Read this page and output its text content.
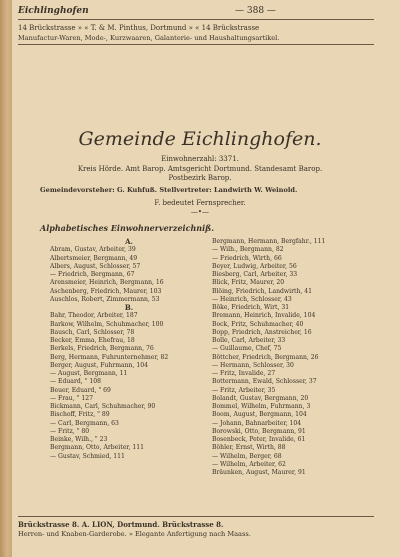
Eichlinghofen	— 388 —
14 Brückstrasse » « T. & M. Pinthus, Dortmund » « 14 Brückstrasse
Manufactur-Waren, Mode-, Kurzwaaren, Galanterie- und Haushaltungsartikel.
Gemeinde Eichlinghofen.
Einwohnerzahl: 3371.
Kreis Hörde. Amt Barop. Amtsgericht Dortmund. Standesamt Barop.
Postbezirk Barop.
Gemeindevorsteher: G. Kuhfuß. Stellvertreter: Landwirth W. Weinold.
F. bedeutet Fernsprecher.
—•—
Alphabetisches Einwohnerverzeichniß.
A.
Abram, Gustav, Arbeiter, 39
Albertsmeier, Bergmann, 49
Albers, August, Schlosser, 57
— Friedrich, Bergmann, 67
Arensmeier, Heinrich, Bergmann, 16
Aschenberg, Friedrich, Maurer, 103
Auschlos, Robert, Zimmermann, 53
B.
Bahr, Theodor, Arbeiter, 187
Barkow, Wilhelm, Schuhmacher, 100
Bausch, Carl, Schlosser, 78
Becker, Emma, Ehefrau, 18
Berkels, Friedrich, Bergmann, 76
Berg, Hermann, Fuhrunternehmer, 82
Berger, August, Fuhrmann, 104
— August, Bergmann, 11
— Eduard, " 108
Beuer, Eduard, " 69
— Frau, " 127
Bickmann, Carl, Schuhmacher, 90
Bischoff, Fritz, " 89
— Carl, Bergmann, 63
— Fritz, " 80
Beinke, Wilh., " 23
Bergmann, Otto, Arbeiter, 111
— Gustav, Schmied, 111
Bergmann, Hermann, Bergfahr., 111
— Wilh., Bergmann, 82
— Friedrich, Wirth, 66
Beyer, Ludwig, Arbeiter, 56
Biesberg, Carl, Arbeiter, 33
Blick, Fritz, Maurer, 20
Blöing, Friedrich, Landwirth, 41
— Heinrich, Schlosser, 43
Böke, Friedrich, Wirt, 31
Bremann, Heinrich, Invalide, 104
Bock, Fritz, Schuhmacher, 40
Bopp, Friedrich, Anstreicher, 16
Bolle, Carl, Arbeiter, 33
— Guillaume, Chef, 75
Böttcher, Friedrich, Bergmann, 26
— Hermann, Schlosser, 30
— Fritz, Invalide, 27
Bottermann, Ewald, Schlosser, 37
— Fritz, Arbeiter, 35
Bolandt, Gustav, Bergmann, 20
Bommel, Wilhelm, Fuhrmann, 3
Boom, August, Bergmann, 104
— Johann, Bahnarbeiter, 104
Borowski, Otto, Bergmann, 91
Bosenbeck, Peter, Invalide, 61
Böhler, Ernst, Wirth, 88
— Wilhelm, Berger, 68
— Wilhelm, Arbeiter, 62
Bräunken, August, Maurer, 91
Brückstrasse 8. A. LION, Dortmund. Brückstrasse 8.
Herren- und Knaben-Garderobe. » Elegante Anfertigung nach Maass.
